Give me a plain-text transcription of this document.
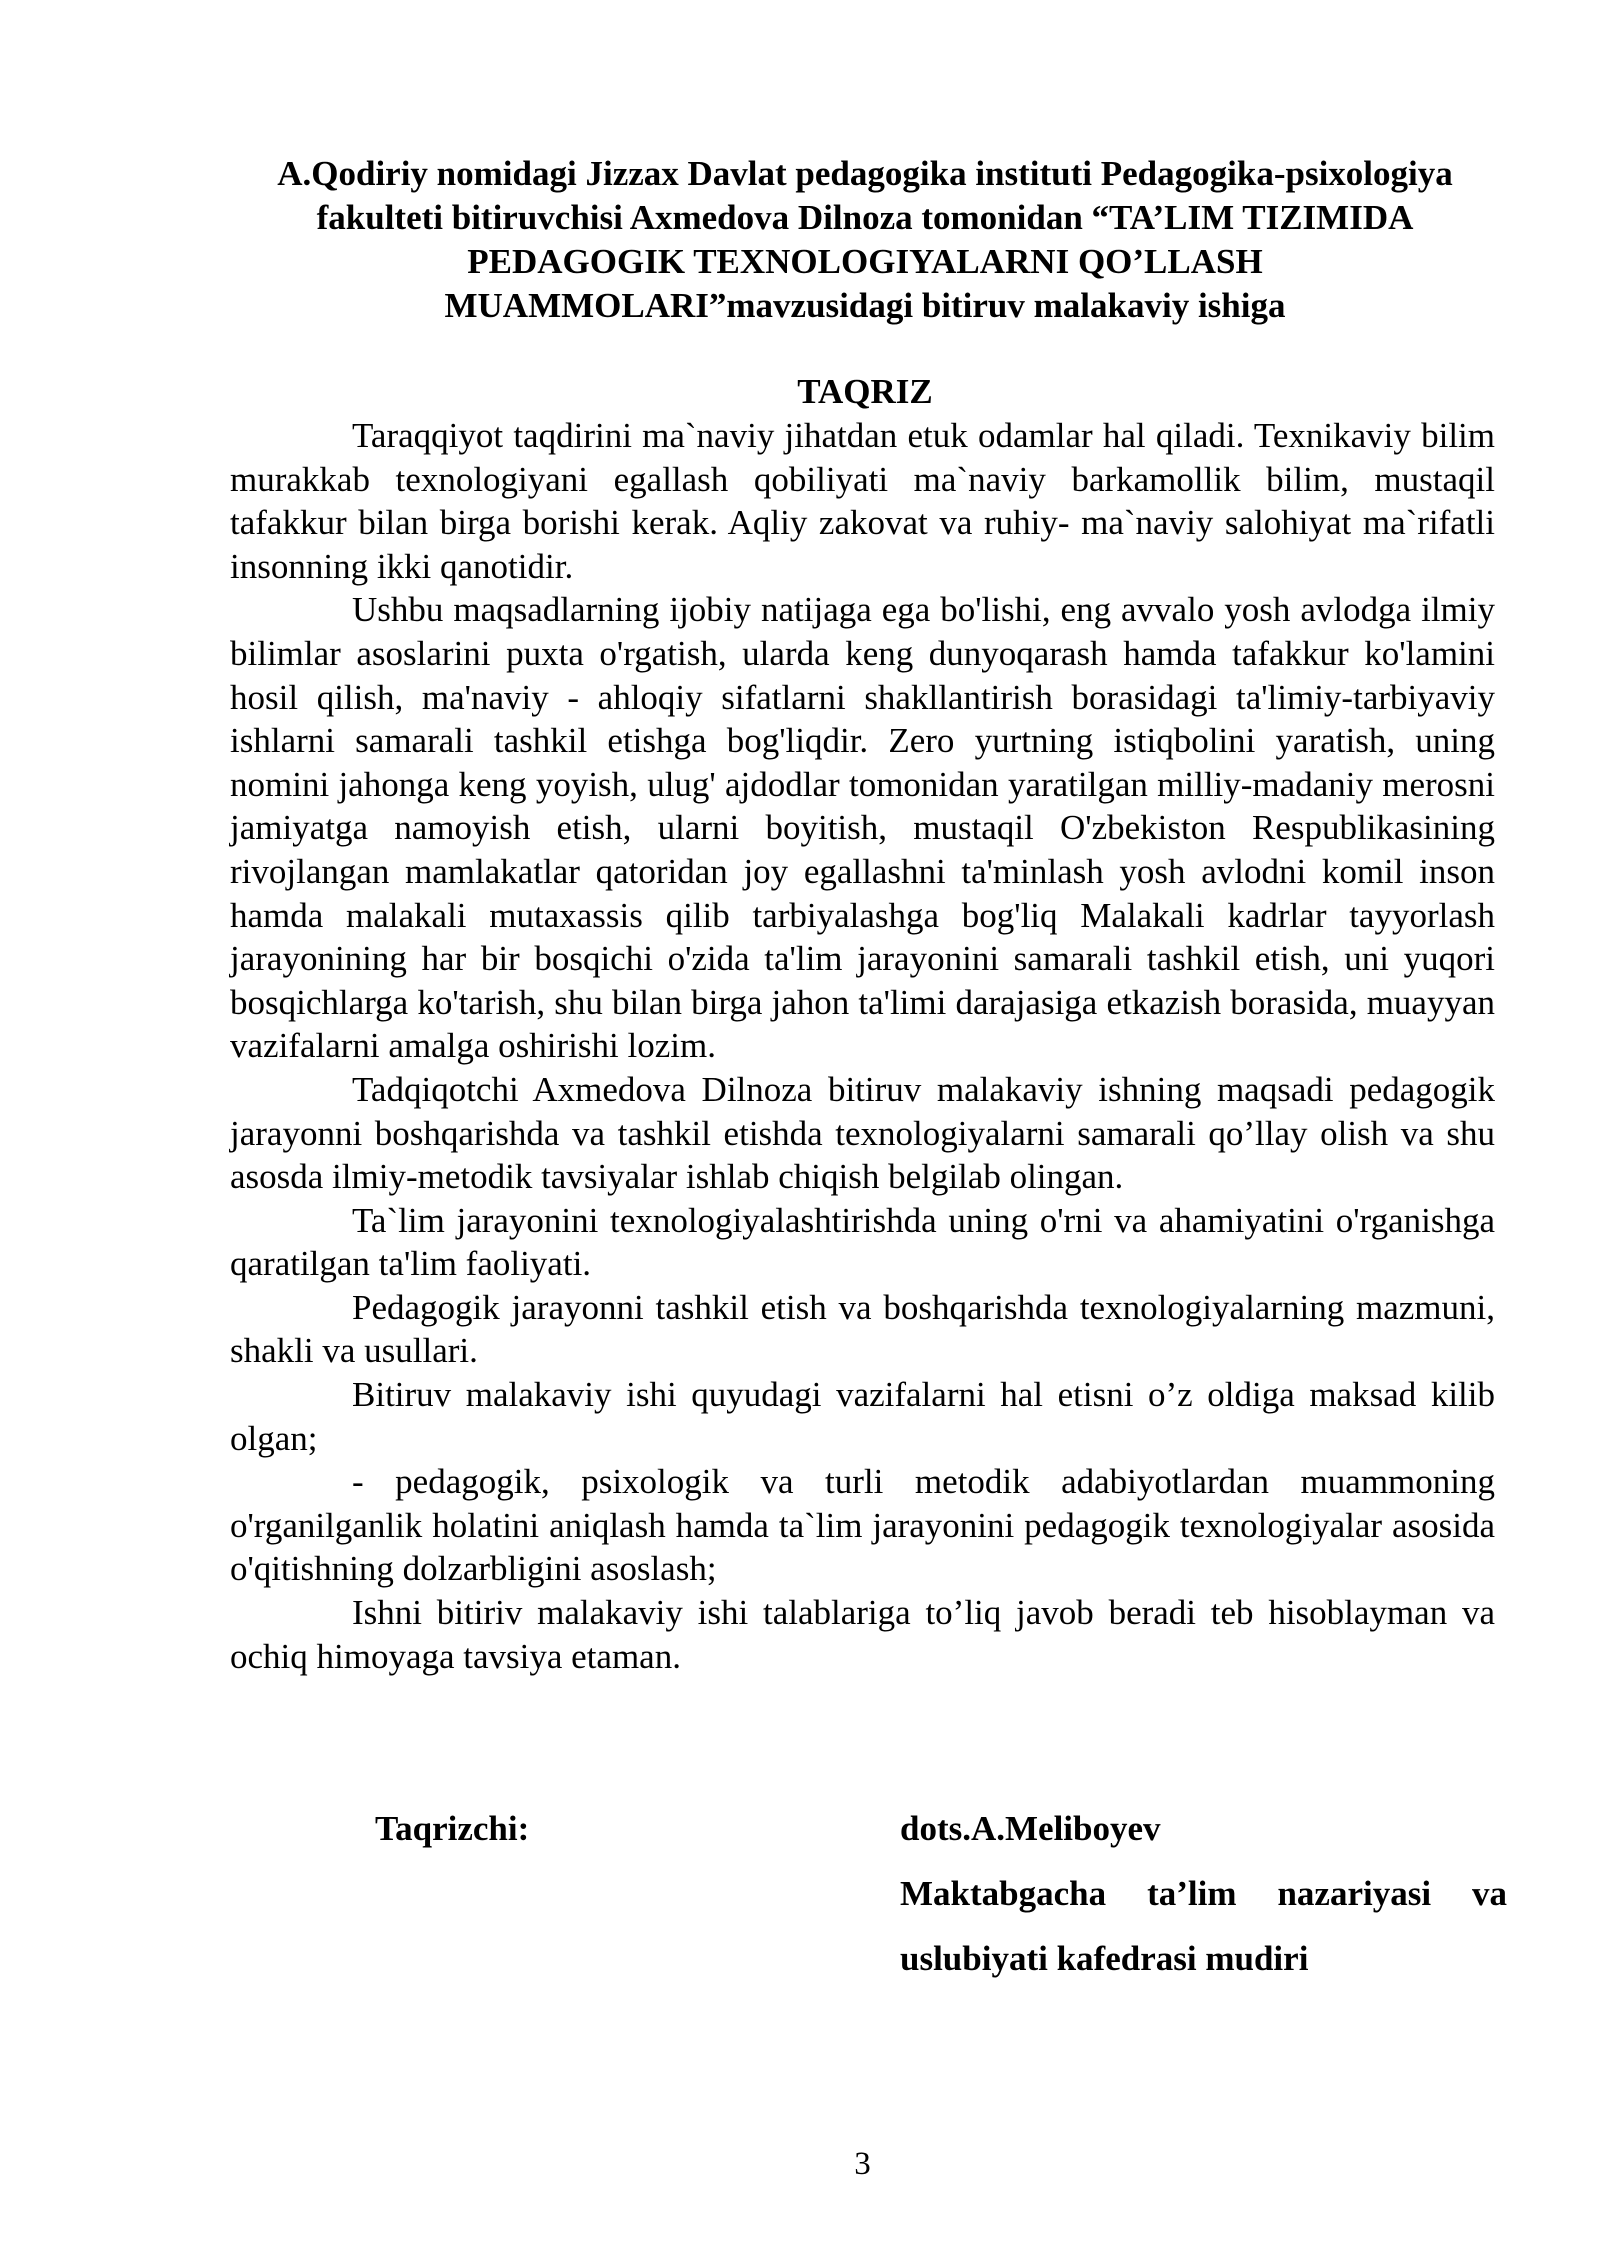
A.Qodiriy nomidagi Jizzax Davlat pedagogika instituti Pedagogika-psixologiya fakulteti bitiruvchisi Axmedova Dilnoza tomonidan “TA’LIM TIZIMIDA PEDAGOGIK TEXNOLOGIYALARNI QO’LLASH MUAMMOLARI”mavzusidagi bitiruv malakaviy ishiga
TAQRIZ

Taraqqiyot taqdirini ma`naviy jihatdan etuk odamlar hal qiladi. Texnikaviy bilim murakkab texnologiyani egallash qobiliyati ma`naviy barkamollik bilim, mustaqil tafakkur bilan birga borishi kerak. Aqliy zakovat va ruhiy- ma`naviy salohiyat ma`rifatli insonning ikki qanotidir.

Ushbu maqsadlarning ijobiy natijaga ega bo'lishi, eng avvalo yosh avlodga ilmiy bilimlar asoslarini puxta o'rgatish, ularda keng dunyoqarash hamda tafakkur ko'lamini hosil qilish, ma'naviy - ahloqiy sifatlarni shakllantirish borasidagi ta'limiy-tarbiyaviy ishlarni samarali tashkil etishga bog'liqdir. Zero yurtning istiqbolini yaratish, uning nomini jahonga keng yoyish, ulug' ajdodlar tomonidan yaratilgan milliy-madaniy merosni jamiyatga namoyish etish, ularni boyitish, mustaqil O'zbekiston Respublikasining rivojlangan mamlakatlar qatoridan joy egallashni ta'minlash yosh avlodni komil inson hamda malakali mutaxassis qilib tarbiyalashga bog'liq Malakali kadrlar tayyorlash jarayonining har bir bosqichi o'zida ta'lim jarayonini samarali tashkil etish, uni yuqori bosqichlarga ko'tarish, shu bilan birga jahon ta'limi darajasiga etkazish borasida, muayyan vazifalarni amalga oshirishi lozim.

Tadqiqotchi Axmedova Dilnoza bitiruv malakaviy ishning maqsadi pedagogik jarayonni boshqarishda va tashkil etishda texnologiyalarni samarali qo’llay olish va shu asosda ilmiy-metodik tavsiyalar ishlab chiqish belgilab olingan.

Ta`lim jarayonini texnologiyalashtirishda uning o'rni va ahamiyatini o'rganishga qaratilgan ta'lim faoliyati.

Pedagogik jarayonni tashkil etish va boshqarishda texnologiyalarning mazmuni, shakli va usullari.

Bitiruv malakaviy ishi quyudagi vazifalarni hal etisni o’z oldiga maksad kilib olgan;

- pedagogik, psixologik va turli metodik adabiyotlardan muammoning o'rganilganlik holatini aniqlash hamda ta`lim jarayonini pedagogik texnologiyalar asosida o'qitishning dolzarbligini asoslash;

Ishni bitiriv malakaviy ishi talablariga to’liq javob beradi teb hisoblayman va ochiq himoyaga tavsiya etaman.

Taqrizchi:	dots.A.Meliboyev
Maktabgacha ta’lim nazariyasi va
uslubiyati kafedrasi mudiri
3
